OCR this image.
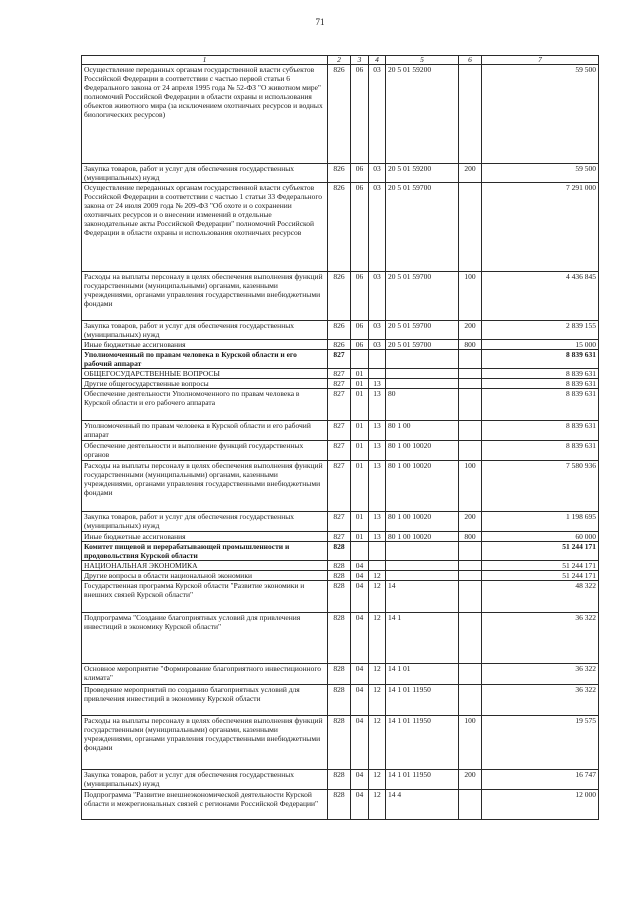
71
1	2	3	4	5	6	7
Осуществление переданных органам государственной власти субъектов Российской Федерации в соответствии с частью первой статьи 6 Федерального закона от 24 апреля 1995 года № 52-ФЗ "О животном мире" полномочий Российской Федерации в области охраны и использования объектов животного мира (за исключением охотничьих ресурсов и водных биологических ресурсов)	826	06	03	20 5 01 59200		59 500
Закупка товаров, работ и услуг для обеспечения государственных (муниципальных) нужд	826	06	03	20 5 01 59200	200	59 500
Осуществление переданных органам государственной власти субъектов Российской Федерации в соответствии с частью 1 статьи 33 Федерального закона от 24 июля 2009 года № 209-ФЗ "Об охоте и о сохранении охотничьих ресурсов и о внесении изменений в отдельные законодательные акты Российской Федерации" полномочий Российской Федерации в области охраны и использования охотничьих ресурсов	826	06	03	20 5 01 59700		7 291 000
Расходы на выплаты персоналу в целях обеспечения выполнения функций государственными (муниципальными) органами, казенными учреждениями, органами управления государственными внебюджетными фондами	826	06	03	20 5 01 59700	100	4 436 845
Закупка товаров, работ и услуг для обеспечения государственных (муниципальных) нужд	826	06	03	20 5 01 59700	200	2 839 155
Иные бюджетные ассигнования	826	06	03	20 5 01 59700	800	15 000
Уполномоченный по правам человека в Курской области и его рабочий аппарат	827					8 839 631
ОБЩЕГОСУДАРСТВЕННЫЕ ВОПРОСЫ	827	01				8 839 631
Другие общегосударственные вопросы	827	01	13			8 839 631
Обеспечение деятельности Уполномоченного по правам человека в Курской области и его рабочего аппарата	827	01	13	80		8 839 631
Уполномоченный по правам человека в Курской области и его рабочий аппарат	827	01	13	80 1 00		8 839 631
Обеспечение деятельности и выполнение функций государственных органов	827	01	13	80 1 00 10020		8 839 631
Расходы на выплаты персоналу в целях обеспечения выполнения функций государственными (муниципальными) органами, казенными учреждениями, органами управления государственными внебюджетными фондами	827	01	13	80 1 00 10020	100	7 580 936
Закупка товаров, работ и услуг для обеспечения государственных (муниципальных) нужд	827	01	13	80 1 00 10020	200	1 198 695
Иные бюджетные ассигнования	827	01	13	80 1 00 10020	800	60 000
Комитет пищевой и перерабатывающей промышленности и продовольствия Курской области	828					51 244 171
НАЦИОНАЛЬНАЯ ЭКОНОМИКА	828	04				51 244 171
Другие вопросы в области национальной экономики	828	04	12			51 244 171
Государственная программа Курской области "Развитие экономики и внешних связей Курской области"	828	04	12	14		48 322
Подпрограмма "Создание благоприятных условий для привлечения инвестиций в экономику Курской области"	828	04	12	14 1		36 322
Основное мероприятие "Формирование благоприятного инвестиционного климата"	828	04	12	14 1 01		36 322
Проведение мероприятий по созданию благоприятных условий для привлечения инвестиций в экономику Курской области	828	04	12	14 1 01 11950		36 322
Расходы на выплаты персоналу в целях обеспечения выполнения функций государственными (муниципальными) органами, казенными учреждениями, органами управления государственными внебюджетными фондами	828	04	12	14 1 01 11950	100	19 575
Закупка товаров, работ и услуг для обеспечения государственных (муниципальных) нужд	828	04	12	14 1 01 11950	200	16 747
Подпрограмма "Развитие внешнеэкономической деятельности Курской области и межрегиональных связей с регионами Российской Федерации"	828	04	12	14 4		12 000
